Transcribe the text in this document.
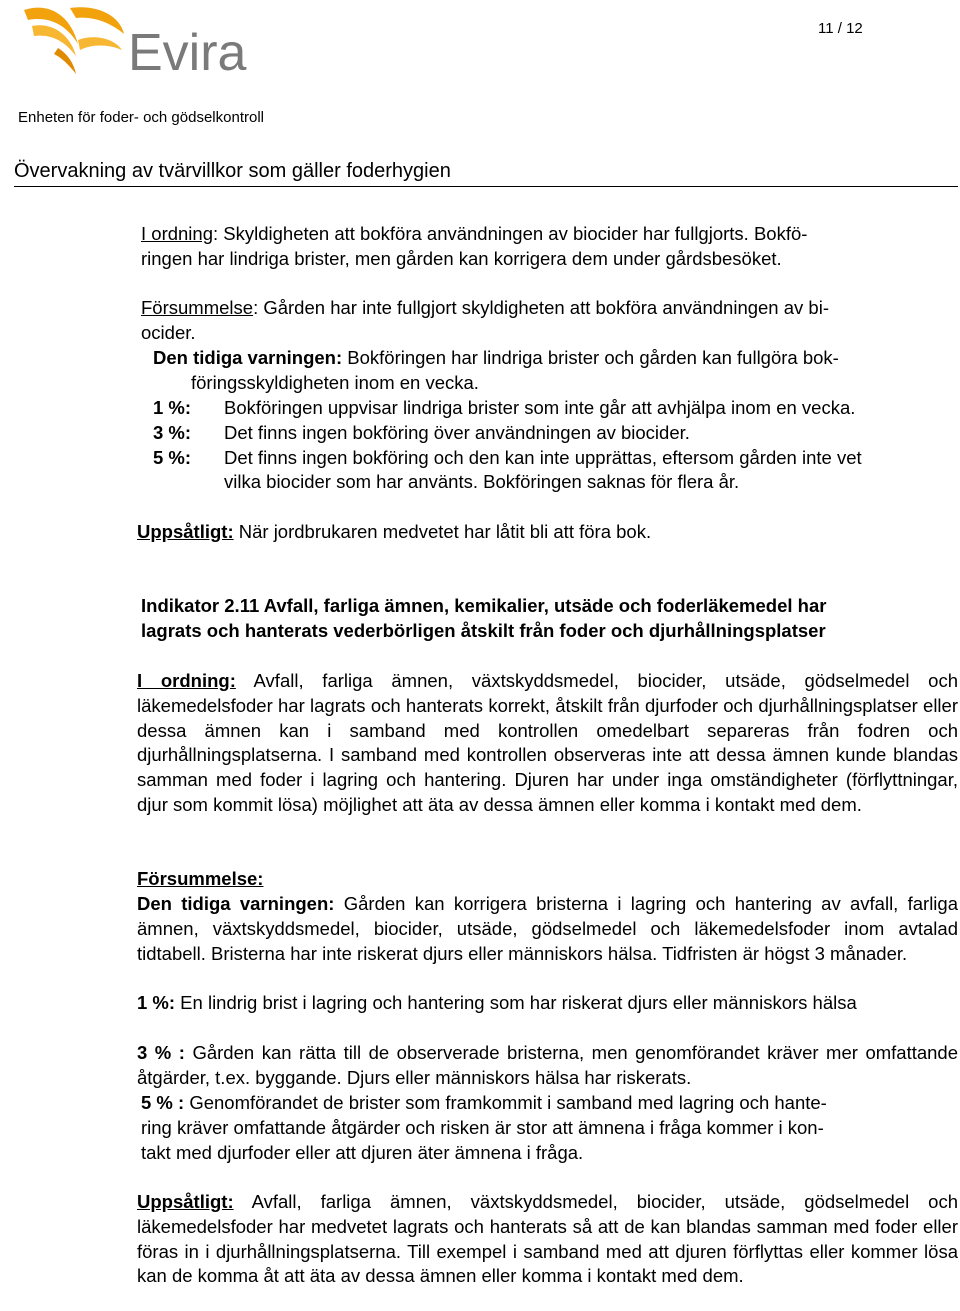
Evira	11 / 12
Enheten för foder- och gödselkontroll
Övervakning av tvärvillkor som gäller foderhygien
I ordning: Skyldigheten att bokföra användningen av biocider har fullgjorts. Bokfö-
ringen har lindriga brister, men gården kan korrigera dem under gårdsbesöket.
Försummelse: Gården har inte fullgjort skyldigheten att bokföra användningen av bi-
ocider.
Den tidiga varningen: Bokföringen har lindriga brister och gården kan fullgöra bok-
föringsskyldigheten inom en vecka.
1 %: Bokföringen uppvisar lindriga brister som inte går att avhjälpa inom en vecka.
3 %: Det finns ingen bokföring över användningen av biocider.
5 %: Det finns ingen bokföring och den kan inte upprättas, eftersom gården inte vet
vilka biocider som har använts. Bokföringen saknas för flera år.
Uppsåtligt: När jordbrukaren medvetet har låtit bli att föra bok.
Indikator 2.11 Avfall, farliga ämnen, kemikalier, utsäde och foderläkemedel har
lagrats och hanterats vederbörligen åtskilt från foder och djurhållningsplatser
I ordning: Avfall, farliga ämnen, växtskyddsmedel, biocider, utsäde, gödselmedel och läkemedelsfoder har lagrats och hanterats korrekt, åtskilt från djurfoder och djurhållningsplatser eller dessa ämnen kan i samband med kontrollen omedelbart separeras från fodren och djurhållningsplatserna. I samband med kontrollen observeras inte att dessa ämnen kunde blandas samman med foder i lagring och hantering. Djuren har under inga omständigheter (förflyttningar, djur som kommit lösa) möjlighet att äta av dessa ämnen eller komma i kontakt med dem.
Försummelse:
Den tidiga varningen: Gården kan korrigera bristerna i lagring och hantering av avfall, farliga ämnen, växtskyddsmedel, biocider, utsäde, gödselmedel och läkemedelsfoder inom avtalad tidtabell. Bristerna har inte riskerat djurs eller människors hälsa. Tidfristen är högst 3 månader.
1 %: En lindrig brist i lagring och hantering som har riskerat djurs eller människors hälsa
3 % : Gården kan rätta till de observerade bristerna, men genomförandet kräver mer omfattande åtgärder, t.ex. byggande. Djurs eller människors hälsa har riskerats.
5 % : Genomförandet de brister som framkommit i samband med lagring och hante-
ring kräver omfattande åtgärder och risken är stor att ämnena i fråga kommer i kon-
takt med djurfoder eller att djuren äter ämnena i fråga.
Uppsåtligt: Avfall, farliga ämnen, växtskyddsmedel, biocider, utsäde, gödselmedel och läkemedelsfoder har medvetet lagrats och hanterats så att de kan blandas samman med foder eller föras in i djurhållningsplatserna. Till exempel i samband med att djuren förflyttas eller kommer lösa kan de komma åt att äta av dessa ämnen eller komma i kontakt med dem.
